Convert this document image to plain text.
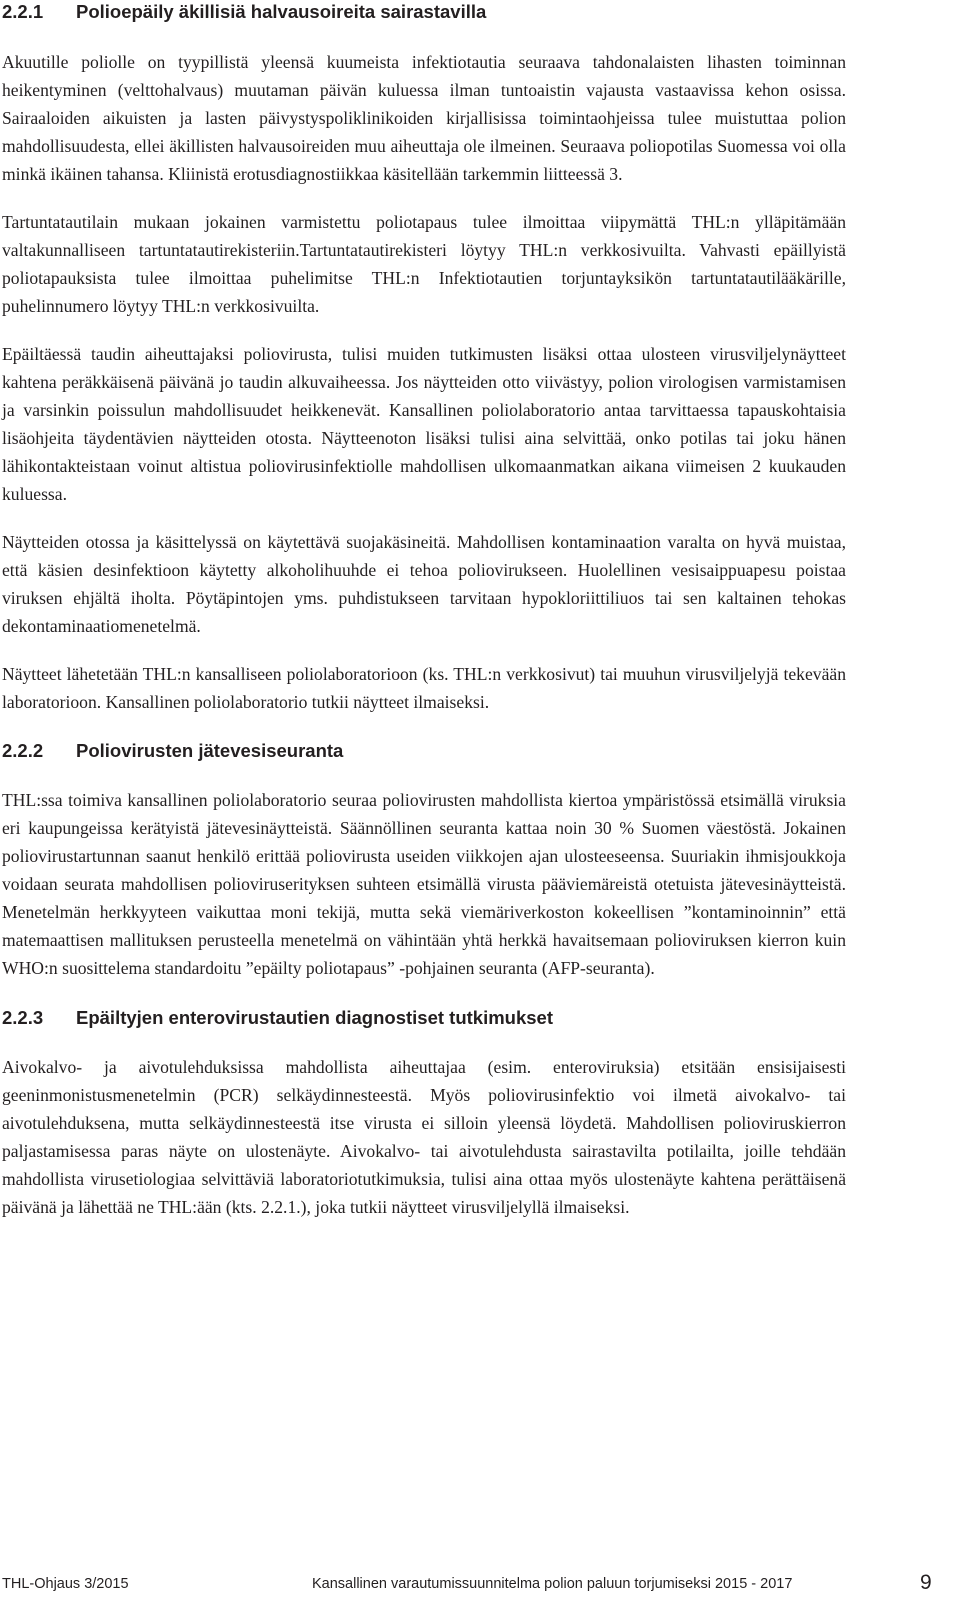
2.2.1	Polioepäily äkillisiä halvausoireita sairastavilla

Akuutille poliolle on tyypillistä yleensä kuumeista infektiotautia seuraava tahdonalaisten lihasten toiminnan heikentyminen (velttohalvaus) muutaman päivän kuluessa ilman tuntoaistin vajausta vastaavissa kehon osissa. Sairaaloiden aikuisten ja lasten päivystyspoliklinikoiden kirjallisissa toimintaohjeissa tulee muistuttaa polion mahdollisuudesta, ellei äkillisten halvausoireiden muu aiheuttaja ole ilmeinen. Seuraava poliopotilas Suomessa voi olla minkä ikäinen tahansa. Kliinistä erotusdiagnostiikkaa käsitellään tarkemmin liitteessä 3.

Tartuntatautilain mukaan jokainen varmistettu poliotapaus tulee ilmoittaa viipymättä THL:n ylläpitämään valtakunnalliseen tartuntatautirekisteriin.Tartuntatautirekisteri löytyy THL:n verkkosivuilta. Vahvasti epäillyistä poliotapauksista tulee ilmoittaa puhelimitse THL:n Infektiotautien torjuntayksikön tartuntatautilääkärille, puhelinnumero löytyy THL:n verkkosivuilta.

Epäiltäessä taudin aiheuttajaksi poliovirusta, tulisi muiden tutkimusten lisäksi ottaa ulosteen virusviljelynäytteet kahtena peräkkäisenä päivänä jo taudin alkuvaiheessa. Jos näytteiden otto viivästyy, polion virologisen varmistamisen ja varsinkin poissulun mahdollisuudet heikkenevät. Kansallinen poliolaboratorio antaa tarvittaessa tapauskohtaisia lisäohjeita täydentävien näytteiden otosta. Näytteenoton lisäksi tulisi aina selvittää, onko potilas tai joku hänen lähikontakteistaan voinut altistua poliovirusinfektiolle mahdollisen ulkomaanmatkan aikana viimeisen 2 kuukauden kuluessa.

Näytteiden otossa ja käsittelyssä on käytettävä suojakäsineitä. Mahdollisen kontaminaation varalta on hyvä muistaa, että käsien desinfektioon käytetty alkoholihuuhde ei tehoa poliovirukseen. Huolellinen vesisaippuapesu poistaa viruksen ehjältä iholta. Pöytäpintojen yms. puhdistukseen tarvitaan hypokloriittiliuos tai sen kaltainen tehokas dekontaminaatiomenetelmä.

Näytteet lähetetään THL:n kansalliseen poliolaboratorioon (ks. THL:n verkkosivut) tai muuhun virusviljelyjä tekevään laboratorioon. Kansallinen poliolaboratorio tutkii näytteet ilmaiseksi.

2.2.2	Poliovirusten jätevesiseuranta

THL:ssa toimiva kansallinen poliolaboratorio seuraa poliovirusten mahdollista kiertoa ympäristössä etsimällä viruksia eri kaupungeissa kerätyistä jätevesinäytteistä. Säännöllinen seuranta kattaa noin 30 % Suomen väestöstä. Jokainen poliovirustartunnan saanut henkilö erittää poliovirusta useiden viikkojen ajan ulosteeseensa. Suuriakin ihmisjoukkoja voidaan seurata mahdollisen polioviruserityksen suhteen etsimällä virusta pääviemäreistä otetuista jätevesinäytteistä. Menetelmän herkkyyteen vaikuttaa moni tekijä, mutta sekä viemäriverkoston kokeellisen ”kontaminoinnin” että matemaattisen mallituksen perusteella menetelmä on vähintään yhtä herkkä havaitsemaan polioviruksen kierron kuin WHO:n suosittelema standardoitu ”epäilty poliotapaus” -pohjainen seuranta (AFP-seuranta).

2.2.3	Epäiltyjen enterovirustautien diagnostiset tutkimukset

Aivokalvo- ja aivotulehduksissa mahdollista aiheuttajaa (esim. enteroviruksia) etsitään ensisijaisesti geeninmonistusmenetelmin (PCR) selkäydinnesteestä. Myös poliovirusinfektio voi ilmetä aivokalvo- tai aivotulehduksena, mutta selkäydinnesteestä itse virusta ei silloin yleensä löydetä. Mahdollisen polioviruskierron paljastamisessa paras näyte on ulostenäyte. Aivokalvo- tai aivotulehdusta sairastavilta potilailta, joille tehdään mahdollista virusetiologiaa selvittäviä laboratoriotutkimuksia, tulisi aina ottaa myös ulostenäyte kahtena perättäisenä päivänä ja lähettää ne THL:ään (kts. 2.2.1.), joka tutkii näytteet virusviljelyllä ilmaiseksi.

THL-Ohjaus 3/2015	Kansallinen varautumissuunnitelma polion paluun torjumiseksi 2015 - 2017	9
